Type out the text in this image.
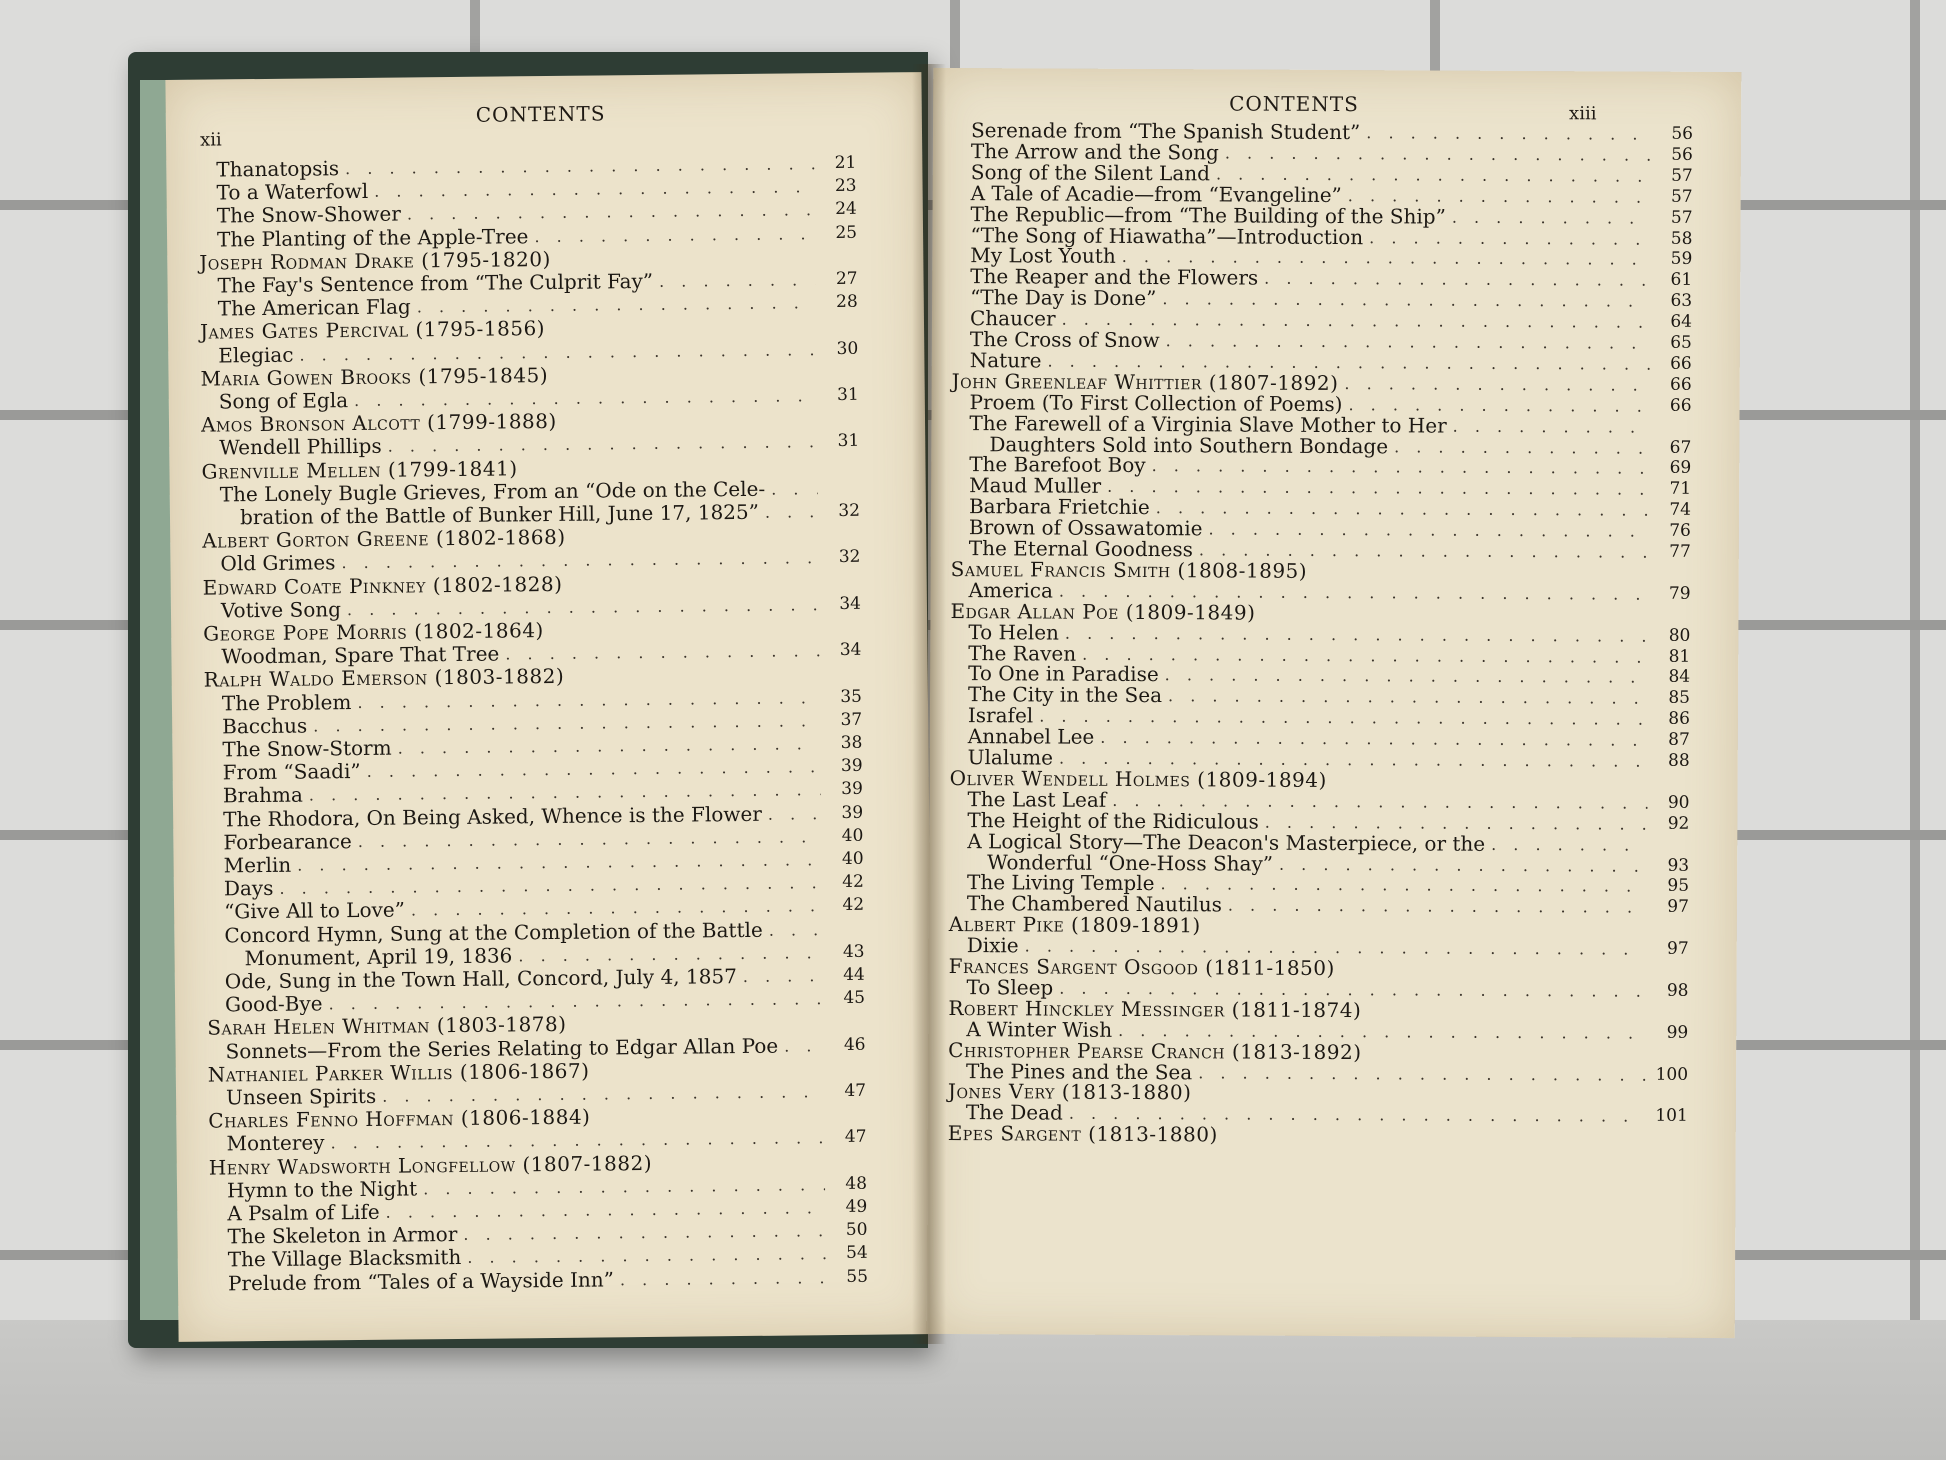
CONTENTS
xii
Thanatopsis . . .	21
To a Waterfowl . . .	23
The Snow-Shower . . .	24
The Planting of the Apple-Tree . . .	25
Joseph Rodman Drake (1795-1820)
The Fay's Sentence from “The Culprit Fay” . . .	27
The American Flag . . .	28
James Gates Percival (1795-1856)
Elegiac . . .	30
Maria Gowen Brooks (1795-1845)
Song of Egla . . .	31
Amos Bronson Alcott (1799-1888)
Wendell Phillips . . .	31
Grenville Mellen (1799-1841)
The Lonely Bugle Grieves, From an “Ode on the Cele-
. . .
bration of the Battle of Bunker Hill, June 17, 1825” . . .	32
Albert Gorton Greene (1802-1868)
Old Grimes . . .	32
Edward Coate Pinkney (1802-1828)
Votive Song . . .	34
George Pope Morris (1802-1864)
Woodman, Spare That Tree . . .	34
Ralph Waldo Emerson (1803-1882)
The Problem . . .	35
Bacchus . . .	37
The Snow-Storm . . .	38
From “Saadi” . . .	39
Brahma . . .	39
The Rhodora, On Being Asked, Whence is the Flower . . .	39
Forbearance . . .	40
Merlin . . .	40
Days . . .	42
“Give All to Love” . . .	42
Concord Hymn, Sung at the Completion of the Battle
. . .
Monument, April 19, 1836 . . .	43
Ode, Sung in the Town Hall, Concord, July 4, 1857 . . .	44
Good-Bye . . .	45
Sarah Helen Whitman (1803-1878)
Sonnets—From the Series Relating to Edgar Allan Poe . . .	46
Nathaniel Parker Willis (1806-1867)
Unseen Spirits . . .	47
Charles Fenno Hoffman (1806-1884)
Monterey . . .	47
Henry Wadsworth Longfellow (1807-1882)
Hymn to the Night . . .	48
A Psalm of Life . . .	49
The Skeleton in Armor . . .	50
The Village Blacksmith . . .	54
Prelude from “Tales of a Wayside Inn” . . .	55
CONTENTS	xiii
Serenade from “The Spanish Student” . . .	56
The Arrow and the Song . . .	56
Song of the Silent Land . . .	57
A Tale of Acadie—from “Evangeline” . . .	57
The Republic—from “The Building of the Ship” . . .	57
“The Song of Hiawatha”—Introduction . . .	58
My Lost Youth . . .	59
The Reaper and the Flowers . . .	61
“The Day is Done” . . .	63
Chaucer . . .	64
The Cross of Snow . . .	65
Nature . . .	66
John Greenleaf Whittier (1807-1892) . . .	66
Proem (To First Collection of Poems) . . .	66
The Farewell of a Virginia Slave Mother to Her
. . .
Daughters Sold into Southern Bondage . . .	67
The Barefoot Boy . . .	69
Maud Muller . . .	71
Barbara Frietchie . . .	74
Brown of Ossawatomie . . .	76
The Eternal Goodness . . .	77
Samuel Francis Smith (1808-1895)
America . . .	79
Edgar Allan Poe (1809-1849)
To Helen . . .	80
The Raven . . .	81
To One in Paradise . . .	84
The City in the Sea . . .	85
Israfel . . .	86
Annabel Lee . . .	87
Ulalume . . .	88
Oliver Wendell Holmes (1809-1894)
The Last Leaf . . .	90
The Height of the Ridiculous . . .	92
A Logical Story—The Deacon's Masterpiece, or the
. . .
Wonderful “One-Hoss Shay” . . .	93
The Living Temple . . .	95
The Chambered Nautilus . . .	97
Albert Pike (1809-1891)
Dixie . . .	97
Frances Sargent Osgood (1811-1850)
To Sleep . . .	98
Robert Hinckley Messinger (1811-1874)
A Winter Wish . . .	99
Christopher Pearse Cranch (1813-1892)
The Pines and the Sea . . .	100
Jones Very (1813-1880)
The Dead . . .	101
Epes Sargent (1813-1880)
